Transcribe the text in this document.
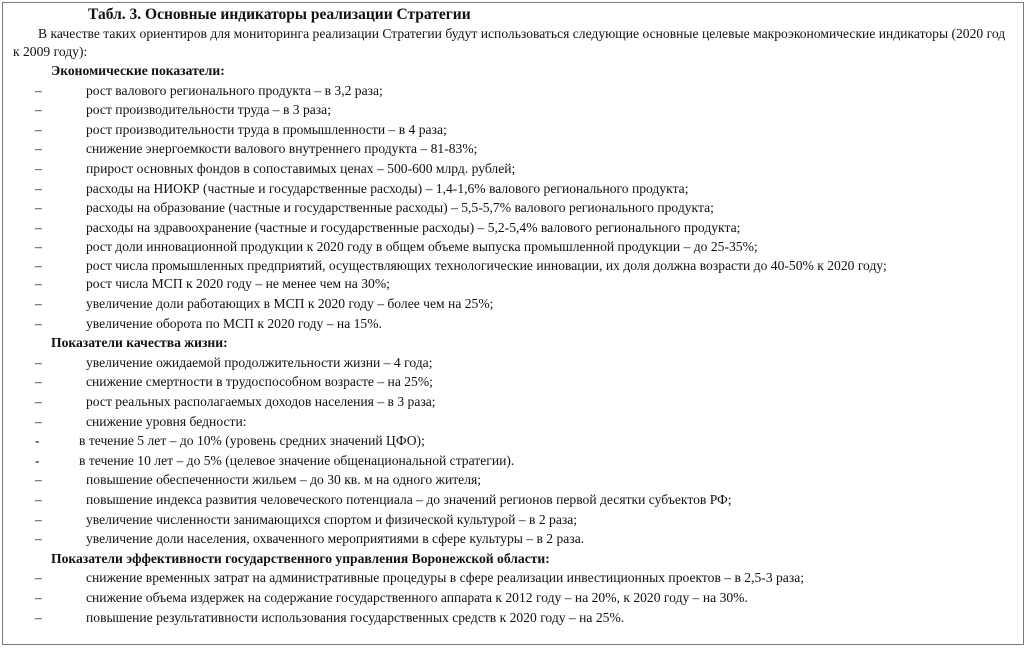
Табл. 3. Основные индикаторы реализации Стратегии
В качестве таких ориентиров для мониторинга реализации Стратегии будут использоваться следующие основные целевые макроэкономические индикаторы (2020 год к 2009 году):
Экономические показатели:
–	рост валового регионального продукта – в 3,2 раза;
–	рост производительности труда – в 3 раза;
–	рост производительности труда в промышленности – в 4 раза;
–	снижение энергоемкости валового внутреннего продукта – 81-83%;
–	прирост основных фондов в сопоставимых ценах – 500-600 млрд. рублей;
–	расходы на НИОКР (частные и государственные расходы) – 1,4-1,6% валового регионального продукта;
–	расходы на образование (частные и государственные расходы) – 5,5-5,7% валового регионального продукта;
–	расходы на здравоохранение (частные и государственные расходы) – 5,2-5,4% валового регионального продукта;
–	рост доли инновационной продукции к 2020 году в общем объеме выпуска промышленной продукции – до 25-35%;
–	рост числа промышленных предприятий, осуществляющих технологические инновации, их доля должна возрасти до 40-50% к 2020 году;
–	рост числа МСП к 2020 году – не менее чем на 30%;
–	увеличение доли работающих в МСП к 2020 году – более чем на 25%;
–	увеличение оборота по МСП к 2020 году – на 15%.
Показатели качества жизни:
–	увеличение ожидаемой продолжительности жизни – 4 года;
–	снижение смертности в трудоспособном возрасте – на 25%;
–	рост реальных располагаемых доходов населения – в 3 раза;
–	снижение уровня бедности:
-	в течение 5 лет – до 10% (уровень средних значений ЦФО);
-	в течение 10 лет – до 5% (целевое значение общенациональной стратегии).
–	повышение обеспеченности жильем – до 30 кв. м на одного жителя;
–	повышение индекса развития человеческого потенциала – до значений регионов первой десятки субъектов РФ;
–	увеличение численности занимающихся спортом и физической культурой – в 2 раза;
–	увеличение доли населения, охваченного мероприятиями в сфере культуры – в 2 раза.
Показатели эффективности государственного управления Воронежской области:
–	снижение временных затрат на административные процедуры в сфере реализации инвестиционных проектов – в 2,5-3 раза;
–	снижение объема издержек на содержание государственного аппарата к 2012 году – на 20%, к 2020 году – на 30%.
–	повышение результативности использования государственных средств к 2020 году – на 25%.
